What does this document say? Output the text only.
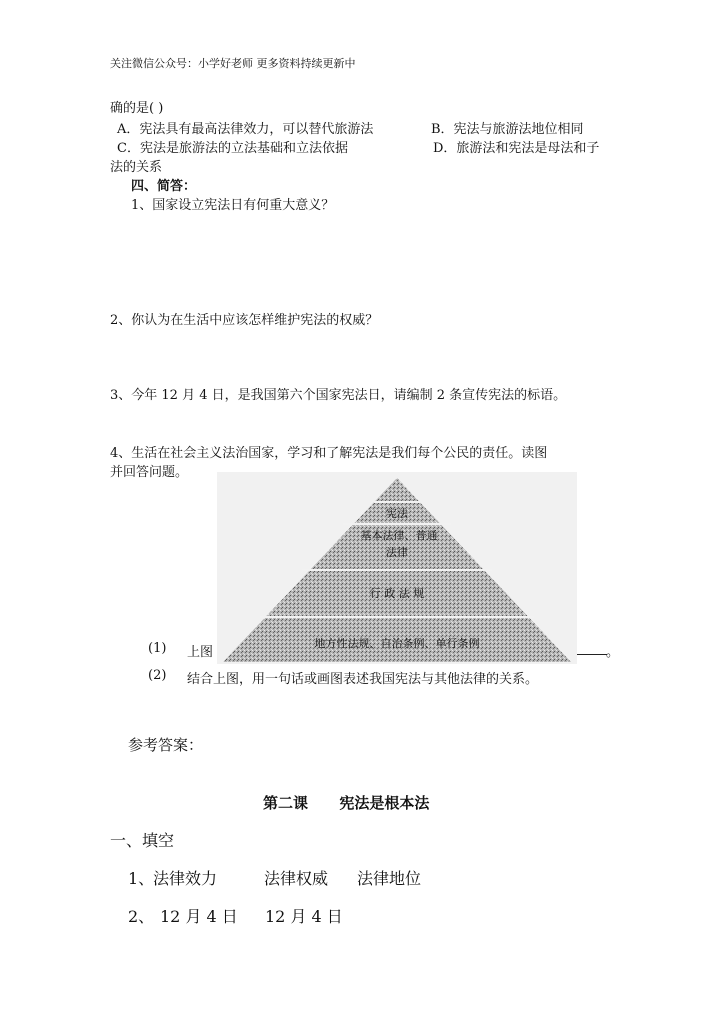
关注微信公众号：小学好老师 更多资料持续更新中
确的是( )
A．宪法具有最高法律效力，可以替代旅游法	B．宪法与旅游法地位相同
C．宪法是旅游法的立法基础和立法依据	D．旅游法和宪法是母法和子
法的关系
四、简答：
1、国家设立宪法日有何重大意义？
2、你认为在生活中应该怎样维护宪法的权威？
3、今年 12 月 4 日，是我国第六个国家宪法日，请编制 2 条宣传宪法的标语。
4、生活在社会主义法治国家，学习和了解宪法是我们每个公民的责任。读图
并回答问题。
宪法
基本法律、普通
法律
行 政 法 规
地方性法规、自治条例、单行条例
(1) 上图	。
(2) 结合上图，用一句话或画图表述我国宪法与其他法律的关系。
参考答案：
第二课      宪法是根本法
一、填空
1、
法律效力	法律权威 法律地位
2、 12 月 4 日 12 月 4 日
